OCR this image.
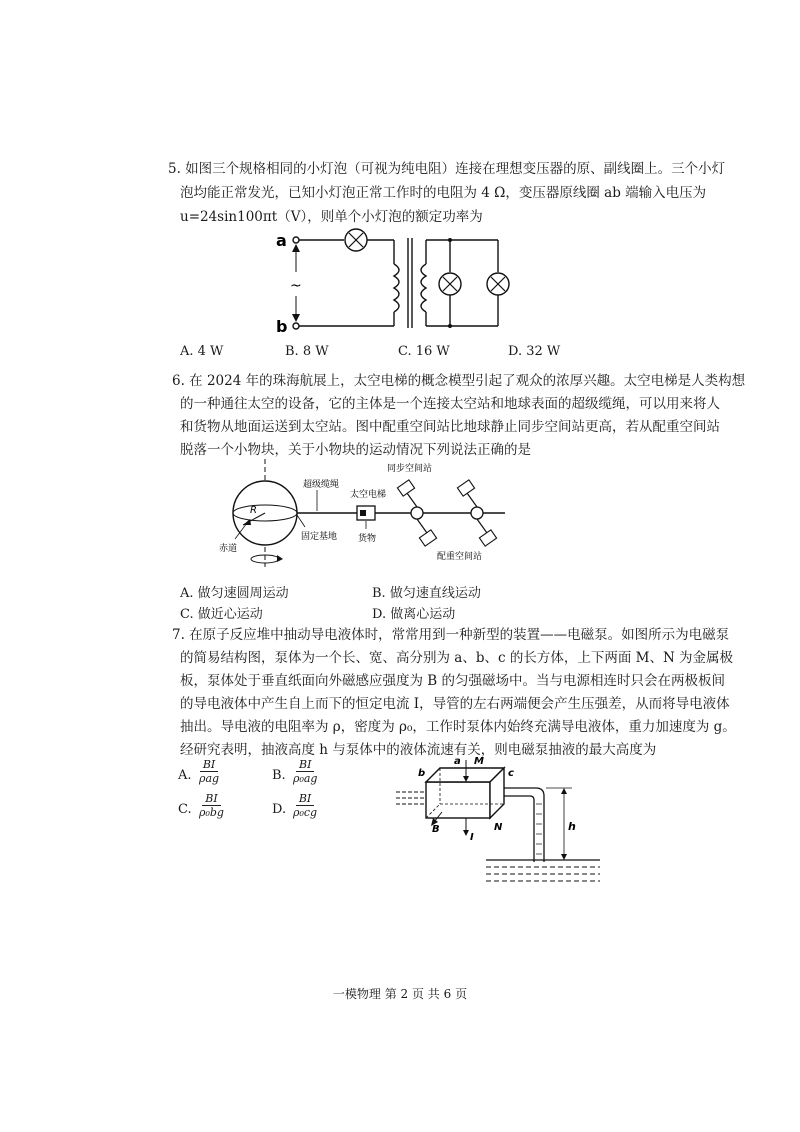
5. 如图三个规格相同的小灯泡（可视为纯电阻）连接在理想变压器的原、副线圈上。三个小灯
泡均能正常发光，已知小灯泡正常工作时的电阻为 4 Ω，变压器原线圈 ab 端输入电压为
u=24sin100πt（V），则单个小灯泡的额定功率为
a
b
~
A. 4 W	B. 8 W	C. 16 W	D. 32 W
6. 在 2024 年的珠海航展上，太空电梯的概念模型引起了观众的浓厚兴趣。太空电梯是人类构想
的一种通往太空的设备，它的主体是一个连接太空站和地球表面的超级缆绳，可以用来将人
和货物从地面运送到太空站。图中配重空间站比地球静止同步空间站更高，若从配重空间站
脱落一个小物块，关于小物块的运动情况下列说法正确的是
R
赤道
超级缆绳
固定基地
太空电梯
货物
同步空间站
配重空间站
A. 做匀速圆周运动	B. 做匀速直线运动
C. 做近心运动	D. 做离心运动
7. 在原子反应堆中抽动导电液体时，常常用到一种新型的装置——电磁泵。如图所示为电磁泵
的简易结构图，泵体为一个长、宽、高分别为 a、b、c 的长方体，上下两面 M、N 为金属极
板，泵体处于垂直纸面向外磁感应强度为 B 的匀强磁场中。当与电源相连时只会在两极板间
的导电液体中产生自上而下的恒定电流 I，导管的左右两端便会产生压强差，从而将导电液体
抽出。导电液的电阻率为 ρ，密度为 ρ₀，工作时泵体内始终充满导电液体，重力加速度为 g。
经研究表明，抽液高度 h 与泵体中的液体流速有关，则电磁泵抽液的最大高度为
A.
BI
ρag	B. $\frac{BI}{\text{ρ₀ag}}$
C. $\frac{BI}{\text{ρ₀bg}}$	D. $\frac{BI}{\text{ρ₀cg}}$
b
a
c
M
N
I
B	h
一模物理 第 2 页 共 6 页
